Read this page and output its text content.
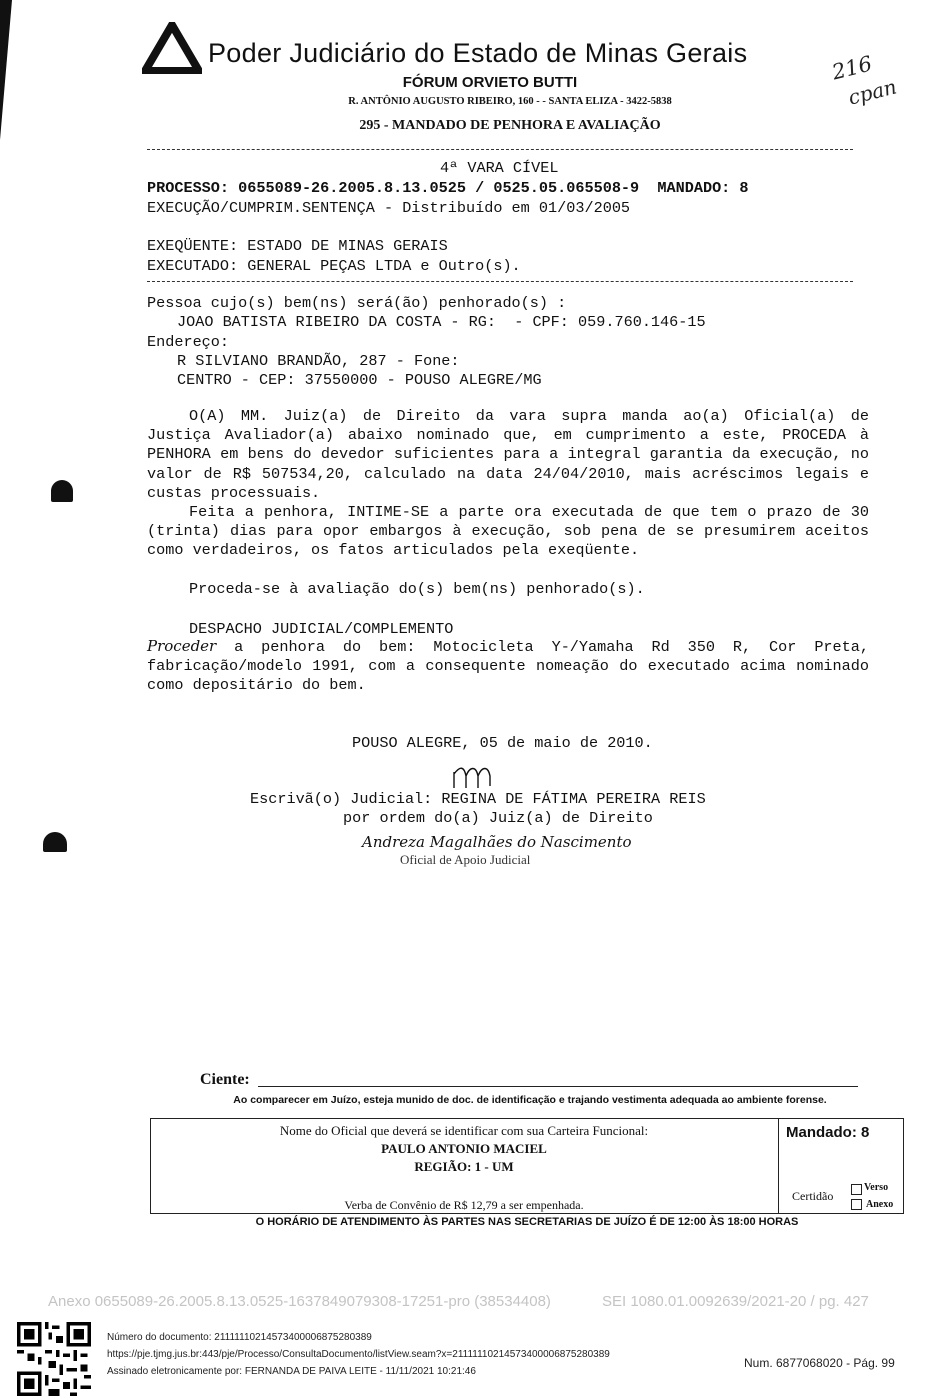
Poder Judiciário do Estado de Minas Gerais
FÓRUM ORVIETO BUTTI
R. ANTÔNIO AUGUSTO RIBEIRO, 160 - - SANTA ELIZA - 3422-5838
295 - MANDADO DE PENHORA E AVALIAÇÃO
216
cpan
4ª VARA CÍVEL
PROCESSO: 0655089-26.2005.8.13.0525 / 0525.05.065508-9  MANDADO: 8
EXECUÇÃO/CUMPRIM.SENTENÇA - Distribuído em 01/03/2005
EXEQÜENTE: ESTADO DE MINAS GERAIS
EXECUTADO: GENERAL PEÇAS LTDA e Outro(s).
Pessoa cujo(s) bem(ns) será(ão) penhorado(s) :
JOAO BATISTA RIBEIRO DA COSTA - RG:  - CPF: 059.760.146-15
Endereço:
R SILVIANO BRANDÃO, 287 - Fone:
CENTRO - CEP: 37550000 - POUSO ALEGRE/MG
O(A) MM. Juiz(a) de Direito da vara supra manda ao(a) Oficial(a) de Justiça Avaliador(a) abaixo nominado que, em cumprimento a este, PROCEDA à PENHORA em bens do devedor suficientes para a integral garantia da execução, no valor de R$ 507534,20, calculado na data 24/04/2010, mais acréscimos legais e custas processuais.
Feita a penhora, INTIME-SE a parte ora executada de que tem o prazo de 30 (trinta) dias para opor embargos à execução, sob pena de se presumirem aceitos como verdadeiros, os fatos articulados pela exeqüente.
Proceda-se à avaliação do(s) bem(ns) penhorado(s).
DESPACHO JUDICIAL/COMPLEMENTO
Proceder a penhora do bem: Motocicleta Y-/Yamaha Rd 350 R, Cor Preta, fabricação/modelo 1991, com a consequente nomeação do executado acima nominado como depositário do bem.
POUSO ALEGRE, 05 de maio de 2010.
Escrivã(o) Judicial: REGINA DE FÁTIMA PEREIRA REIS
por ordem do(a) Juiz(a) de Direito
Andreza Magalhães do Nascimento
Oficial de Apoio Judicial
Ciente:
Ao comparecer em Juízo, esteja munido de doc. de identificação e trajando vestimenta adequada ao ambiente forense.
Nome do Oficial que deverá se identificar com sua Carteira Funcional:
PAULO ANTONIO MACIEL
REGIÃO: 1 - UM
Verba de Convênio de R$ 12,79 a ser empenhada.
Mandado: 8
Certidão
Verso
Anexo
O HORÁRIO DE ATENDIMENTO ÀS PARTES NAS SECRETARIAS DE JUÍZO É DE 12:00 ÀS 18:00 HORAS
Anexo 0655089-26.2005.8.13.0525-1637849079308-17251-pro (38534408)	SEI 1080.01.0092639/2021-20 / pg. 427
Número do documento: 21111110214573400006875280389
https://pje.tjmg.jus.br:443/pje/Processo/ConsultaDocumento/listView.seam?x=21111110214573400006875280389
Assinado eletronicamente por: FERNANDA DE PAIVA LEITE - 11/11/2021 10:21:46
Num. 6877068020 - Pág. 99
